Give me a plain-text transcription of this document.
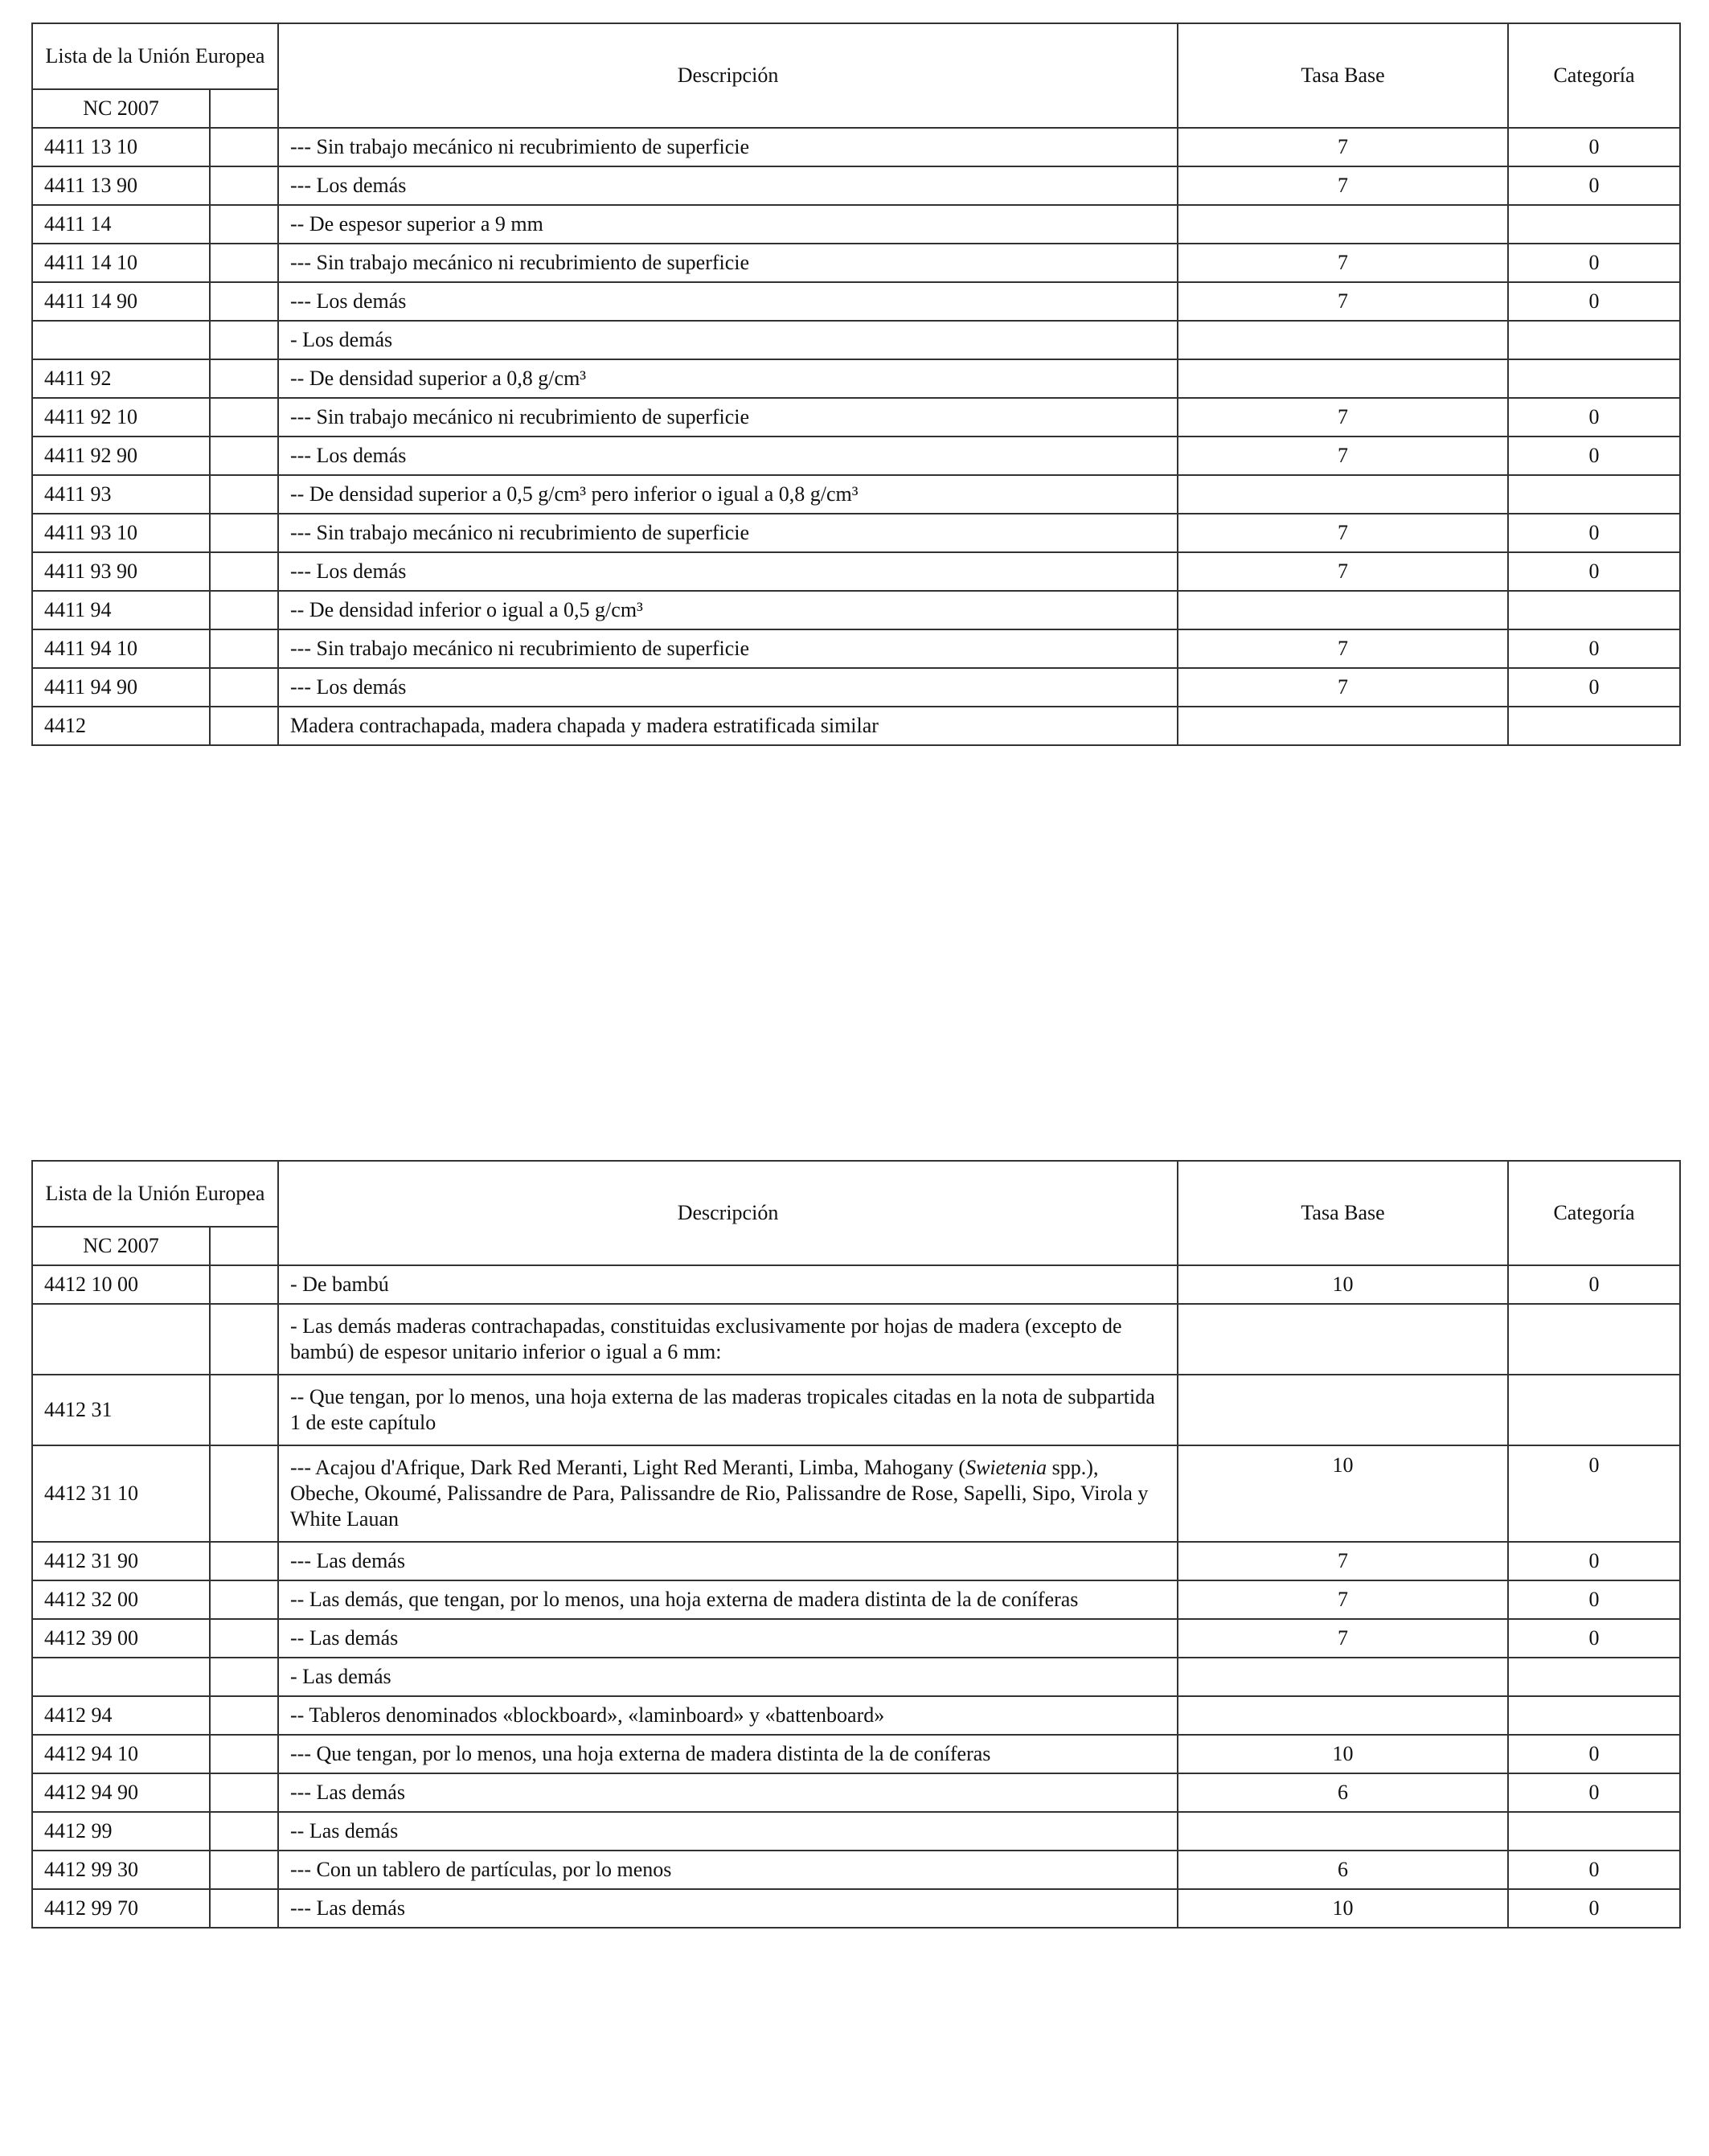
Lista de la Unión Europea		Descripción	Tasa Base	Categoría
NC 2007				
4411 13 10		--- Sin trabajo mecánico ni recubrimiento de superficie	7	0
4411 13 90		--- Los demás	7	0
4411 14		-- De espesor superior a 9 mm		
4411 14 10		--- Sin trabajo mecánico ni recubrimiento de superficie	7	0
4411 14 90		--- Los demás	7	0
		- Los demás		
4411 92		-- De densidad superior a 0,8 g/cm³		
4411 92 10		--- Sin trabajo mecánico ni recubrimiento de superficie	7	0
4411 92 90		--- Los demás	7	0
4411 93		-- De densidad superior a 0,5 g/cm³ pero inferior o igual a 0,8 g/cm³		
4411 93 10		--- Sin trabajo mecánico ni recubrimiento de superficie	7	0
4411 93 90		--- Los demás	7	0
4411 94		-- De densidad inferior o igual a 0,5 g/cm³		
4411 94 10		--- Sin trabajo mecánico ni recubrimiento de superficie	7	0
4411 94 90		--- Los demás	7	0
4412		Madera contrachapada, madera chapada y madera estratificada similar		
Lista de la Unión Europea		Descripción	Tasa Base	Categoría
NC 2007				
4412 10 00		- De bambú	10	0
		- Las demás maderas contrachapadas, constituidas exclusivamente por hojas de madera (excepto de bambú) de espesor unitario inferior o igual a 6 mm:		
4412 31		-- Que tengan, por lo menos, una hoja externa de las maderas tropicales citadas en la nota de subpartida 1 de este capítulo		
4412 31 10		--- Acajou d'Afrique, Dark Red Meranti, Light Red Meranti, Limba, Mahogany (Swietenia spp.), Obeche, Okoumé, Palissandre de Para, Palissandre de Rio, Palissandre de Rose, Sapelli, Sipo, Virola y White Lauan	10	0
4412 31 90		--- Las demás	7	0
4412 32 00		-- Las demás, que tengan, por lo menos, una hoja externa de madera distinta de la de coníferas	7	0
4412 39 00		-- Las demás	7	0
		- Las demás		
4412 94		-- Tableros denominados «blockboard», «laminboard» y «battenboard»		
4412 94 10		--- Que tengan, por lo menos, una hoja externa de madera distinta de la de coníferas	10	0
4412 94 90		--- Las demás	6	0
4412 99		-- Las demás		
4412 99 30		--- Con un tablero de partículas, por lo menos	6	0
4412 99 70		--- Las demás	10	0
